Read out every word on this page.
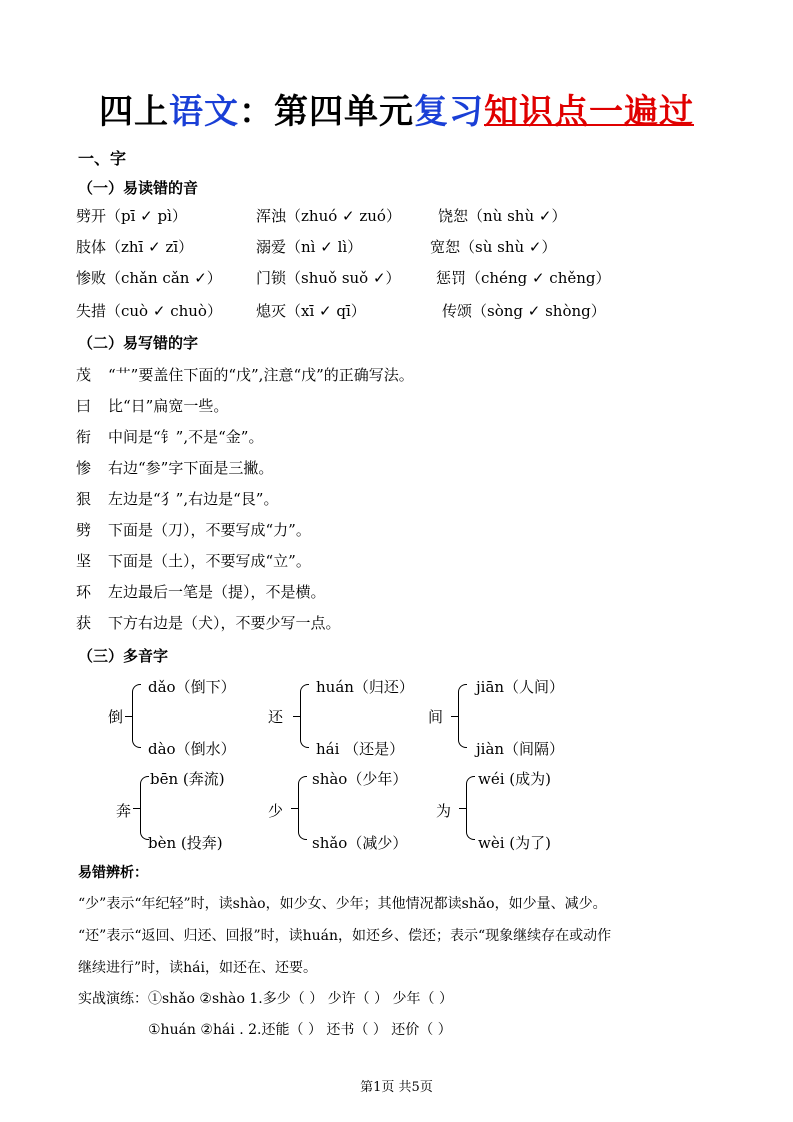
四上语文：第四单元复习知识点一遍过
一、字
（一）易读错的音
劈开（pī ✓ pì）	浑浊（zhuó ✓ zuó） 饶恕（nù shù ✓）
肢体（zhī ✓ zī）	溺爱（nì ✓ lì）	宽恕（sù shù ✓）
惨败（chǎn cǎn ✓） 门锁（shuǒ suǒ ✓） 惩罚（chéng ✓ chěng）
失措（cuò ✓ chuò） 熄灭（xī ✓ qī）	传颂（sòng ✓ shòng）
（二）易写错的字
茂 “艹”要盖住下面的“戊”,注意“戊”的正确写法。
曰 比“日”扁宽一些。
衔 中间是“钅”,不是“金”。
惨 右边“参”字下面是三撇。
狠 左边是“犭”,右边是“艮”。
劈 下面是（刀），不要写成“力”。
坚 下面是（土），不要写成“立”。
环 左边最后一笔是（提），不是横。
获 下方右边是（犬），不要少写一点。
（三）多音字
倒
dǎo（倒下）
dào（倒水）
还
huán（归还）
hái （还是）
间
jiān（人间）
jiàn（间隔）
奔
bēn (奔流)
bèn (投奔)
少
shào（少年）
shǎo（减少）
为
wéi (成为)
wèi (为了)
易错辨析：
“少”表示“年纪轻”时，读shào，如少女、少年；其他情况都读shǎo，如少量、减少。
“还”表示“返回、归还、回报”时，读huán，如还乡、偿还；表示“现象继续存在或动作
继续进行”时，读hái，如还在、还要。
实战演练：①shǎo ②shào 1.多少（ ） 少许（ ） 少年（ ）
①huán ②hái . 2.还能（ ） 还书（ ） 还价（ ）
第1页 共5页
